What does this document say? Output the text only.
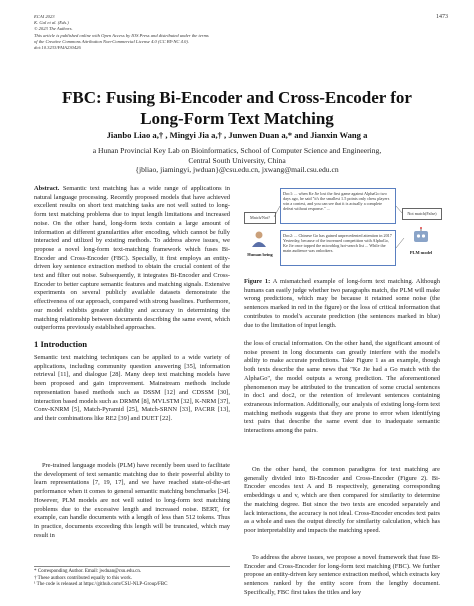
ECAI 2023
K. Gal et al. (Eds.)
© 2023 The Authors.
This article is published online with Open Access by IOS Press and distributed under the terms
of the Creative Commons Attribution Non-Commercial License 4.0 (CC BY-NC 4.0).
doi:10.3233/FAIA230426
1473
FBC: Fusing Bi-Encoder and Cross-Encoder for
Long-Form Text Matching
Jianbo Liao a,† , Mingyi Jia a,† , Junwen Duan a,* and Jianxin Wang a
a Hunan Provincial Key Lab on Bioinformatics, School of Computer Science and Engineering,
Central South University, China
{jbliao, jiamingyi, jwduan}@csu.edu.cn, jxwang@mail.csu.edu.cn
Abstract. Semantic text matching has a wide range of applications in natural language processing. Recently proposed models that have achieved excellent results on short text matching tasks are not well suited to long-form text matching problems due to input length limitations and increased noise. On the other hand, long-form texts contain a large amount of information at different granularities after encoding, which cannot be fully interacted and utilized by existing methods. To address above issues, we propose a novel long-form text-matching framework which fuses Bi-Encoder and Cross-Encoder (FBC). Specially, it first employs an entity-driven key sentence extraction method to obtain the crucial content of the text and filter out noise. Subsequently, it integrates Bi-Encoder and Cross-Encoder to better capture semantic features and matching signals. Extensive experiments on several publicly available datasets demonstrate the effectiveness of our approach, compared with strong baselines. Furthermore, our model exhibits greater stability and accuracy in determining the matching relationship between documents describing the same event, which outperforms previously established approaches.
1 Introduction
Semantic text matching techniques can be applied to a wide variety of applications, including community question answering [35], information retrieval [11], and dialogue [28]. Many deep text matching models have been proposed and gain improvement. Mainstream methods include representation based methods such as DSSM [12] and CDSSM [30], interaction based models such as DRMM [8], MVLSTM [32], K-NRM [37], Conv-KNRM [5], Match-Pyramid [25], Match-SRNN [33], PACRR [13], and their combinations like RE2 [39] and DUET [22].
Pre-trained language models (PLM) have recently been used to facilitate the development of text semantic matching due to their powerful ability to learn representations [7, 19, 17], and we have reached state-of-the-art performance when it comes to general semantic matching benchmarks [34]. However, PLM models are not well suited to long-form text matching problems due to the excessive length and increased noise. BERT, for example, can handle documents with a length of less than 512 tokens. Thus in practice, documents exceeding this length will be truncated, which may result in
* Corresponding Author. Email: jwduan@csu.edu.cn.
† These authors contributed equally to this work.
¹ The code is released at https://github.com/CSU-NLP-Group/FBC
Match/Not?
Human being
Doc1: ... when Ke Jie lost the first game against AlphaGo two days ago, he said "it's the smallest 1.5 points only chess players win a contest, and you can see that it is actually a complete defeat without response." ...
Doc2: ... Chinese Go has gained unprecedented attention in 2017 Yesterday, because of the increased competition with AlphaGo, Ke Jie once topped the microblog hot-search list ... While the main audience was onlookers.
Not match(False)
PLM model
Figure 1: A mismatched example of long-form text matching. Although humans can easily judge whether two paragraphs match, the PLM will make wrong predictions, which may be because it retained some noise (the sentences marked in red in the figure) or the loss of critical information that contributes to model's accurate prediction (the sentences marked in blue) due to the limitation of input length.
the loss of crucial information. On the other hand, the significant amount of noise present in long documents can greatly interfere with the model's ability to make accurate predictions. Take Figure 1 as an example, though both texts describe the same news that "Ke Jie had a Go match with the AlphaGo", the model outputs a wrong prediction. The aforementioned phenomenon may be attributed to the truncation of some crucial sentences in doc1 and doc2, or the retention of irrelevant sentences containing extraneous information. Additionally, our analysis of existing long-form text matching methods suggests that they are prone to error when identifying text pairs that describe the same event due to inadequate semantic interactions among the pairs.
On the other hand, the common paradigms for text matching are generally divided into Bi-Encoder and Cross-Encoder (Figure 2). Bi-Encoder encodes text A and B respectively, generating corresponding embeddings u and v, which are then compared for similarity to determine the matching degree. But since the two texts are encoded separately and lack interactions, the accuracy is not ideal. Cross-Encoder encodes text pairs as a whole and uses the output directly for similarity calculation, which has poor interpretability and impacts the matching speed.
To address the above issues, we propose a novel framework that fuse Bi-Encoder and Cross-Encoder for long-form text matching (FBC). We further propose an entity-driven key sentence extraction method, which extracts key sentences ranked by the entity score from the lengthy document. Specifically, FBC first takes the titles and key
